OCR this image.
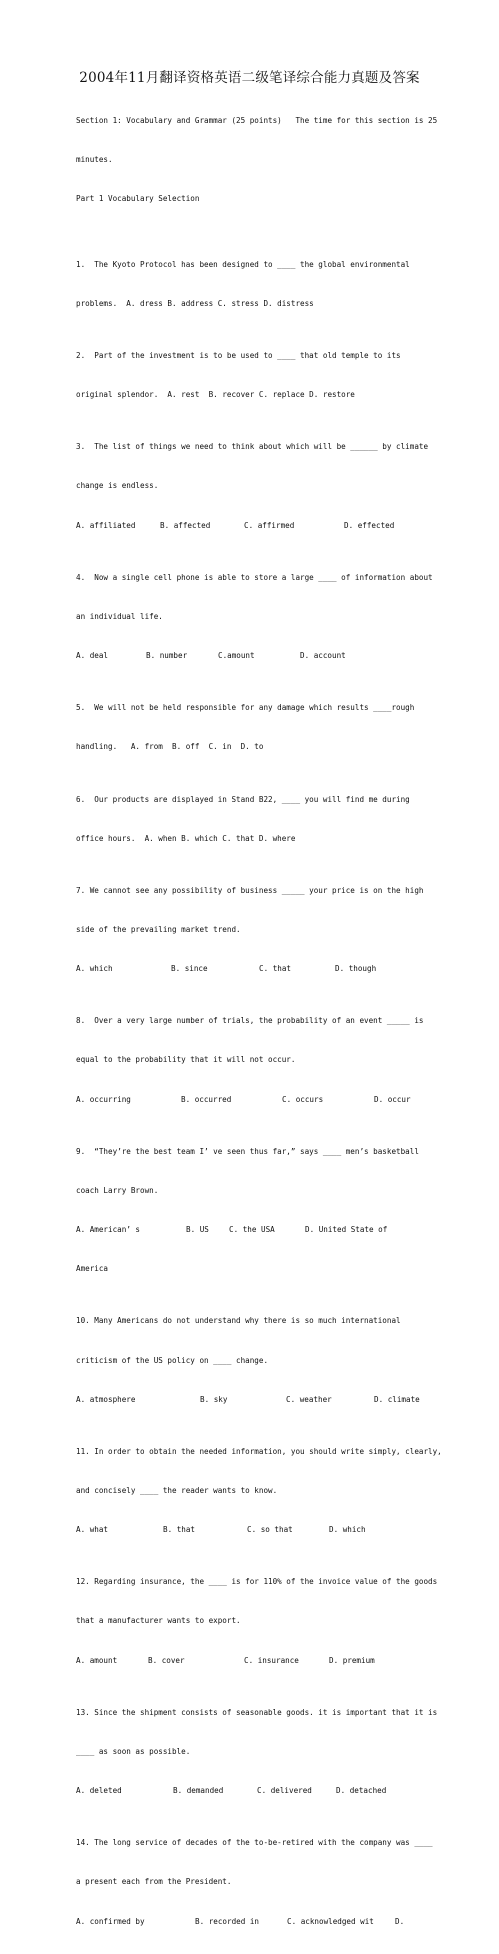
2004年11月翻译资格英语二级笔译综合能力真题及答案

Section 1: Vocabulary and Grammar (25 points)   The time for this section is 25

minutes.

Part 1 Vocabulary Selection

1.  The Kyoto Protocol has been designed to ____ the global environmental

problems.  A. dress B. address C. stress D. distress

2.  Part of the investment is to be used to ____ that old temple to its

original splendor.  A. rest  B. recover C. replace D. restore

3.  The list of things we need to think about which will be ______ by climate

change is endless.

A. affiliated	B. affected	C. affirmed	D. effected

4.  Now a single cell phone is able to store a large ____ of information about

an individual life.

A. deal	B. number	C.amount	D. account

5.  We will not be held responsible for any damage which results ____rough

handling.   A. from  B. off  C. in  D. to

6.  Our products are displayed in Stand B22, ____ you will find me during

office hours.  A. when B. which C. that D. where

7. We cannot see any possibility of business _____ your price is on the high

side of the prevailing market trend.

A. which	B. since	C. that	D. though

8.  Over a very large number of trials, the probability of an event _____ is

equal to the probability that it will not occur.

A. occurring	B. occurred	C. occurs	D. occur

9.  “They’re the best team I’ ve seen thus far,” says ____ men’s basketball

coach Larry Brown.

A. American’ s	B. US	C. the USA	D. United State of

America

10. Many Americans do not understand why there is so much international

criticism of the US policy on ____ change.

A. atmosphere	B. sky	C. weather	D. climate

11. In order to obtain the needed information, you should write simply, clearly,

and concisely ____ the reader wants to know.

A. what	B. that	C. so that	D. which

12. Regarding insurance, the ____ is for 110% of the invoice value of the goods

that a manufacturer wants to export.

A. amount	B. cover	C. insurance	D. premium

13. Since the shipment consists of seasonable goods. it is important that it is

____ as soon as possible.

A. deleted	B. demanded	C. delivered	D. detached

14. The long service of decades of the to-be-retired with the company was ____

a present each from the President.

A. confirmed by	B. recorded in	C. acknowledged wit	D.
